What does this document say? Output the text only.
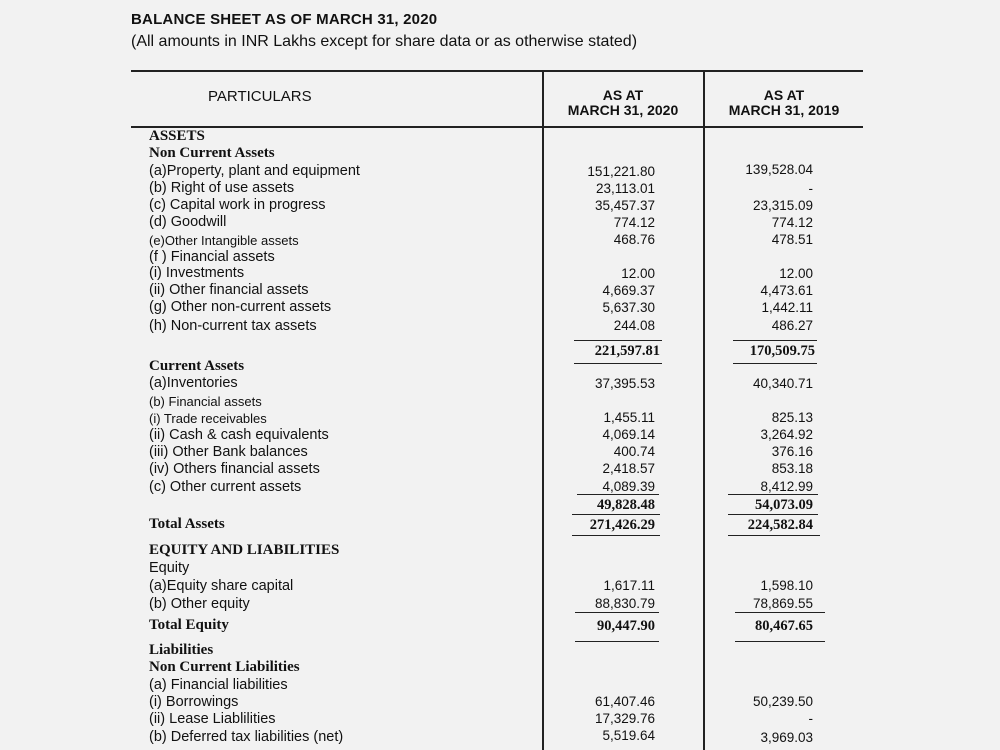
BALANCE SHEET AS OF MARCH 31, 2020
(All amounts in INR Lakhs except for share data or as otherwise stated)
PARTICULARS	AS AT
MARCH 31, 2020
AS AT
MARCH 31, 2019
ASSETS
Non Current Assets
(a)Property, plant and equipment
(b) Right of use assets
(c) Capital work in progress
(d) Goodwill
(e)Other Intangible assets
(f ) Financial assets
(i) Investments
(ii) Other financial assets
(g) Other non-current assets
(h) Non-current tax assets
Current Assets
(a)Inventories
(b) Financial assets
(i) Trade receivables
(ii) Cash & cash equivalents
(iii) Other Bank balances
(iv) Others financial assets
(c) Other current assets
Total Assets
EQUITY AND LIABILITIES
Equity
(a)Equity share capital
(b) Other equity
Total Equity
Liabilities
Non Current Liabilities
(a) Financial liabilities
(i) Borrowings
(ii) Lease Liablilities
(b) Deferred tax liabilities (net)
151,221.80
23,113.01
35,457.37
774.12
468.76
12.00
4,669.37
5,637.30
244.08
221,597.81
37,395.53
1,455.11
4,069.14
400.74
2,418.57
4,089.39
49,828.48
271,426.29
1,617.11
88,830.79
90,447.90
61,407.46
17,329.76
5,519.64
139,528.04
-
23,315.09
774.12
478.51
12.00
4,473.61
1,442.11
486.27
170,509.75
40,340.71
825.13
3,264.92
376.16
853.18
8,412.99
54,073.09
224,582.84
1,598.10
78,869.55
80,467.65
50,239.50
-
3,969.03
